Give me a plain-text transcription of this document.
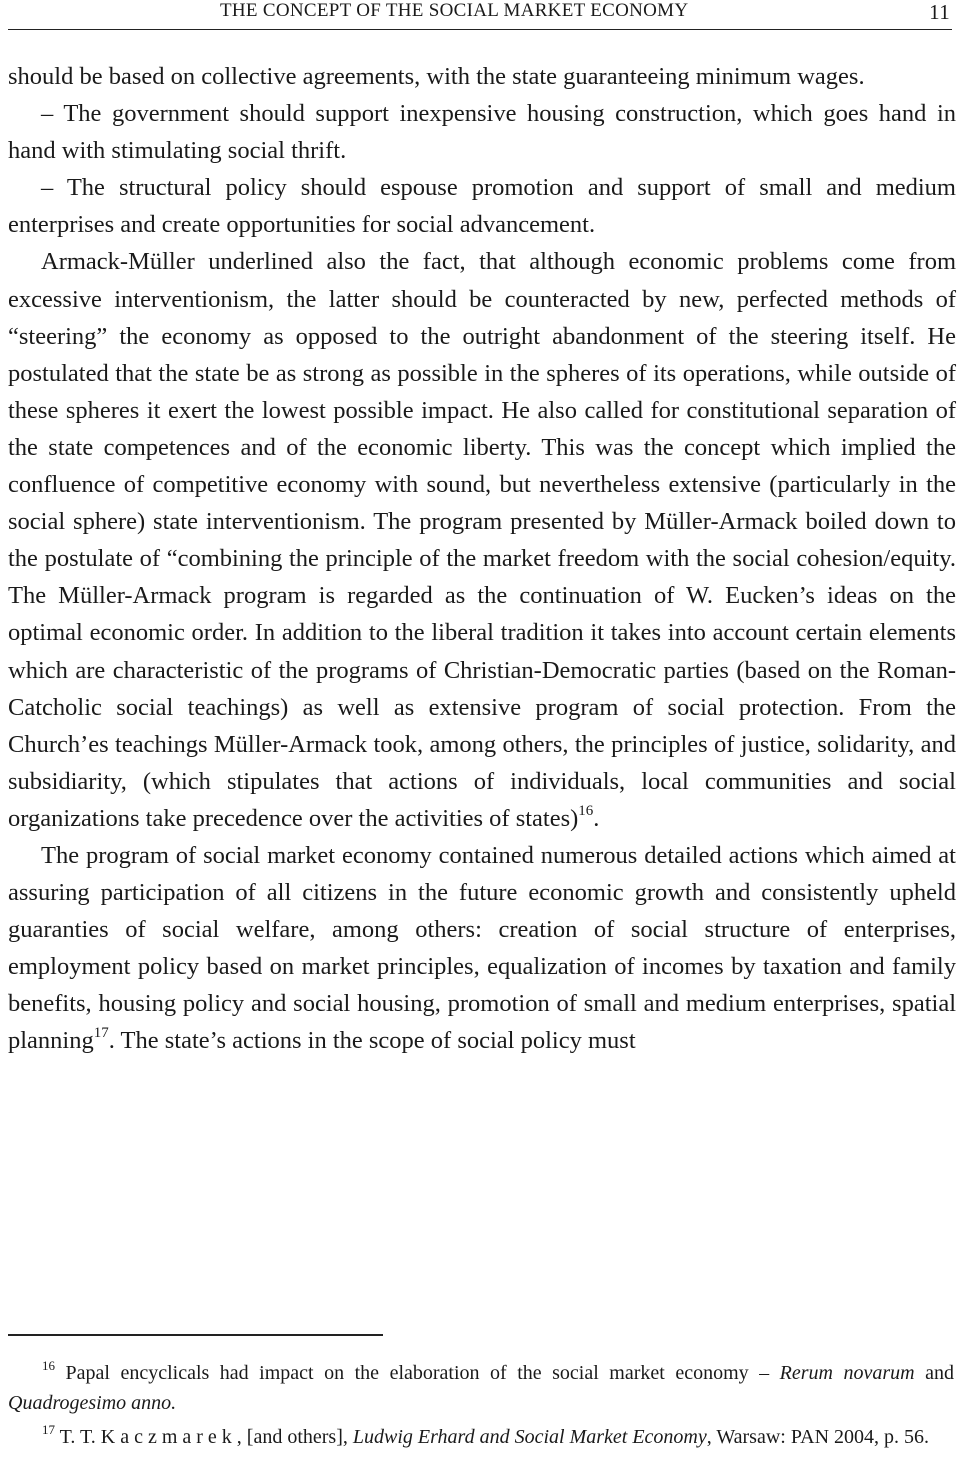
THE CONCEPT OF THE SOCIAL MARKET ECONOMY	11

should be based on collective agreements, with the state guaranteeing minimum wages.

– The government should support inexpensive housing construction, which goes hand in hand with stimulating social thrift.

– The structural policy should espouse promotion and support of small and medium enterprises and create opportunities for social advancement.

Armack-Müller underlined also the fact, that although economic problems come from excessive interventionism, the latter should be counteracted by new, perfected methods of “steering” the economy as opposed to the outright abandonment of the steering itself. He postulated that the state be as strong as possible in the spheres of its operations, while outside of these spheres it exert the lowest possible impact. He also called for constitutional separation of the state competences and of the economic liberty. This was the concept which implied the confluence of competitive economy with sound, but nevertheless extensive (particularly in the social sphere) state interventionism. The program presented by Müller-Armack boiled down to the postulate of “combining the principle of the market freedom with the social cohesion/equity. The Müller-Armack program is regarded as the continuation of W. Eucken’s ideas on the optimal economic order. In addition to the liberal tradition it takes into account certain elements which are characteristic of the programs of Christian-Democratic parties (based on the Roman-Catcholic social teachings) as well as extensive program of social protection. From the Church’es teachings Müller-Armack took, among others, the principles of justice, solidarity, and subsidiarity, (which stipulates that actions of individuals, local communities and social organizations take precedence over the activities of states)$^{16}$.

The program of social market economy contained numerous detailed actions which aimed at assuring participation of all citizens in the future economic growth and consistently upheld guaranties of social welfare, among others: creation of social structure of enterprises, employment policy based on market principles, equalization of incomes by taxation and family benefits, housing policy and social housing, promotion of small and medium enterprises, spatial planning$^{17}$. The state’s actions in the scope of social policy must

$^{16}$ Papal encyclicals had impact on the elaboration of the social market economy – Rerum novarum and Quadrogesimo anno.

$^{17}$ T. T. Kaczmarek, [and others], Ludwig Erhard and Social Market Economy, Warsaw: PAN 2004, p. 56.
